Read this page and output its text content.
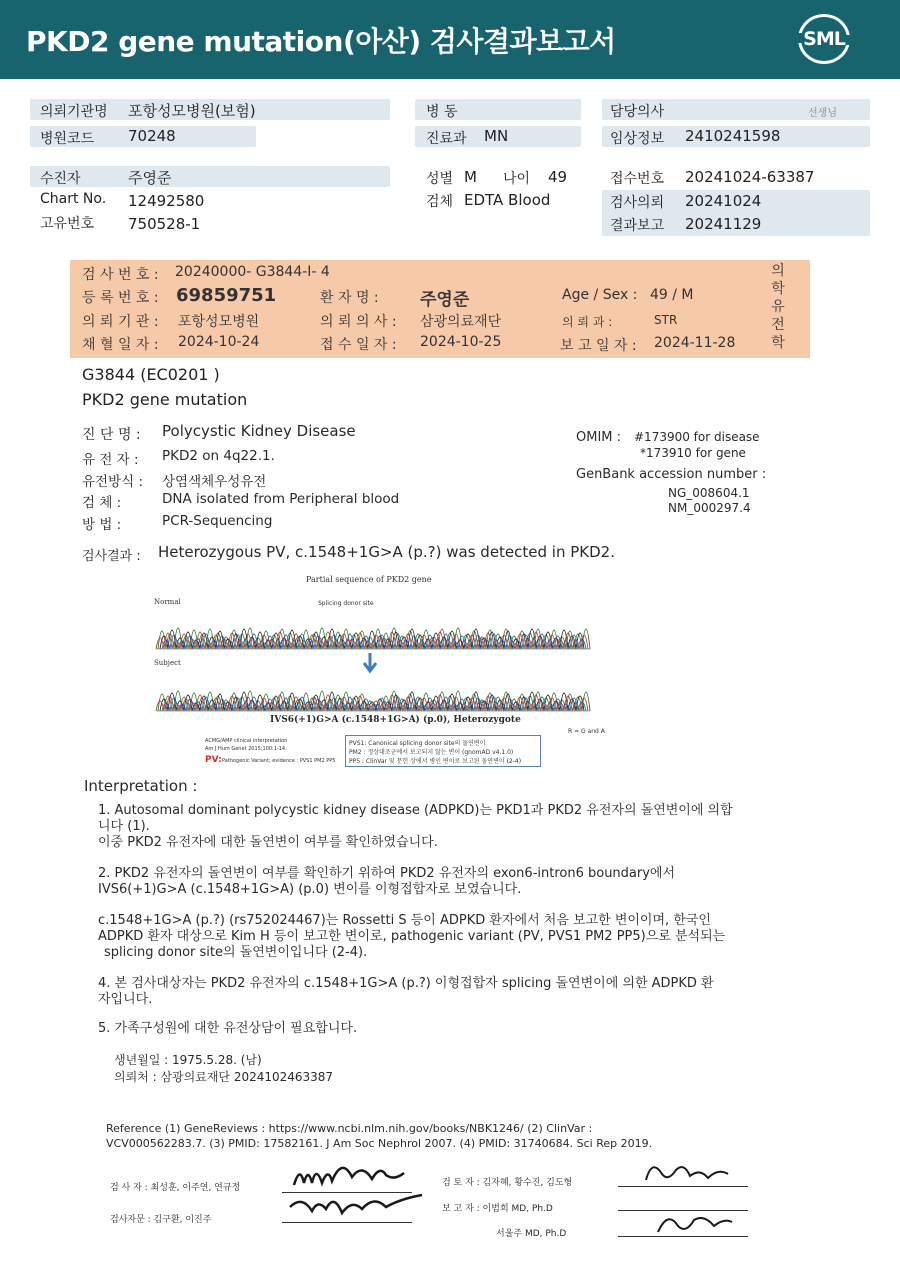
PKD2 gene mutation(아산) 검사결과보고서	SML
의뢰기관명 포항성모병원(보험)
병원코드 70248
병 동
진료과 MN
담당의사	선생님
임상정보 2410241598
수진자	주영준
Chart No. 12492580
고유번호 750528-1
성별 M 나이 49
검체 EDTA Blood
접수번호 20241024-63387
검사의뢰 20241024
결과보고 20241129
검 사 번 호 : 20240000- G3844-I- 4
등 록 번 호 : 69859751	환 자 명 : 주영준	Age / Sex : 49 / M
의 뢰 기 관 : 포항성모병원	의 뢰 의 사 : 삼광의료재단	의 뢰 과 :	STR
채 혈 일 자 : 2024-10-24	접 수 일 자 : 2024-10-25	보 고 일 자 : 2024-11-28
의
학
유
전
학
G3844 (EC0201 )
PKD2 gene mutation
진 단 명 : Polycystic Kidney Disease
유 전 자 : PKD2 on 4q22.1.
유전방식 : 상염색체우성유전
검 체 :	DNA isolated from Peripheral blood
방 법 :	PCR-Sequencing
OMIM : #173900 for disease
*173910 for gene
GenBank accession number :
NG_008604.1
NM_000297.4
검사결과 : Heterozygous PV, c.1548+1G>A (p.?) was detected in PKD2.
Partial sequence of PKD2 gene
Normal	Splicing donor site
Subject
IVS6(+1)G>A (c.1548+1G>A) (p.0), Heterozygote
R = G and A
ACMG/AMP clinical interpretation
Am J Hum Genet 2015;100:1-14.
PV: Pathogenic Variant; evidence : PVS1 PM2 PP5
PVS1: Canonical splicing donor site의 돌연변이
PM2 : 정상대조군에서 보고되지 않는 변이 (gnomAD v4.1.0)
PP5 : ClinVar 및 문헌 상에서 병인 변이로 보고된 돌연변이 (2-4)
Interpretation :
1. Autosomal dominant polycystic kidney disease (ADPKD)는 PKD1과 PKD2 유전자의 돌연변이에 의합
니다 (1).
이중 PKD2 유전자에 대한 돌연변이 여부를 확인하였습니다.
2. PKD2 유전자의 돌연변이 여부를 확인하기 위하여 PKD2 유전자의 exon6-intron6 boundary에서
IVS6(+1)G>A (c.1548+1G>A) (p.0) 변이를 이형접합자로 보였습니다.
c.1548+1G>A (p.?) (rs752024467)는 Rossetti S 등이 ADPKD 환자에서 처음 보고한 변이이며, 한국인
ADPKD 환자 대상으로 Kim H 등이 보고한 변이로, pathogenic variant (PV, PVS1 PM2 PP5)으로 분석되는
splicing donor site의 돌연변이입니다 (2-4).
4. 본 검사대상자는 PKD2 유전자의 c.1548+1G>A (p.?) 이형접합자 splicing 돌연변이에 의한 ADPKD 환
자입니다.
5. 가족구성원에 대한 유전상담이 필요합니다.
생년월일 : 1975.5.28. (남)
의뢰처 : 삼광의료재단 2024102463387
Reference (1) GeneReviews : https://www.ncbi.nlm.nih.gov/books/NBK1246/ (2) ClinVar :
VCV000562283.7. (3) PMID: 17582161. J Am Soc Nephrol 2007. (4) PMID: 31740684. Sci Rep 2019.
검 사 자 : 최성훈, 이주연, 연규정
검사자문 : 김구환, 이진주
검 토 자 : 김자혜, 황수진, 김도형
보 고 자 : 이범희 MD, Ph.D
서울주 MD, Ph.D
